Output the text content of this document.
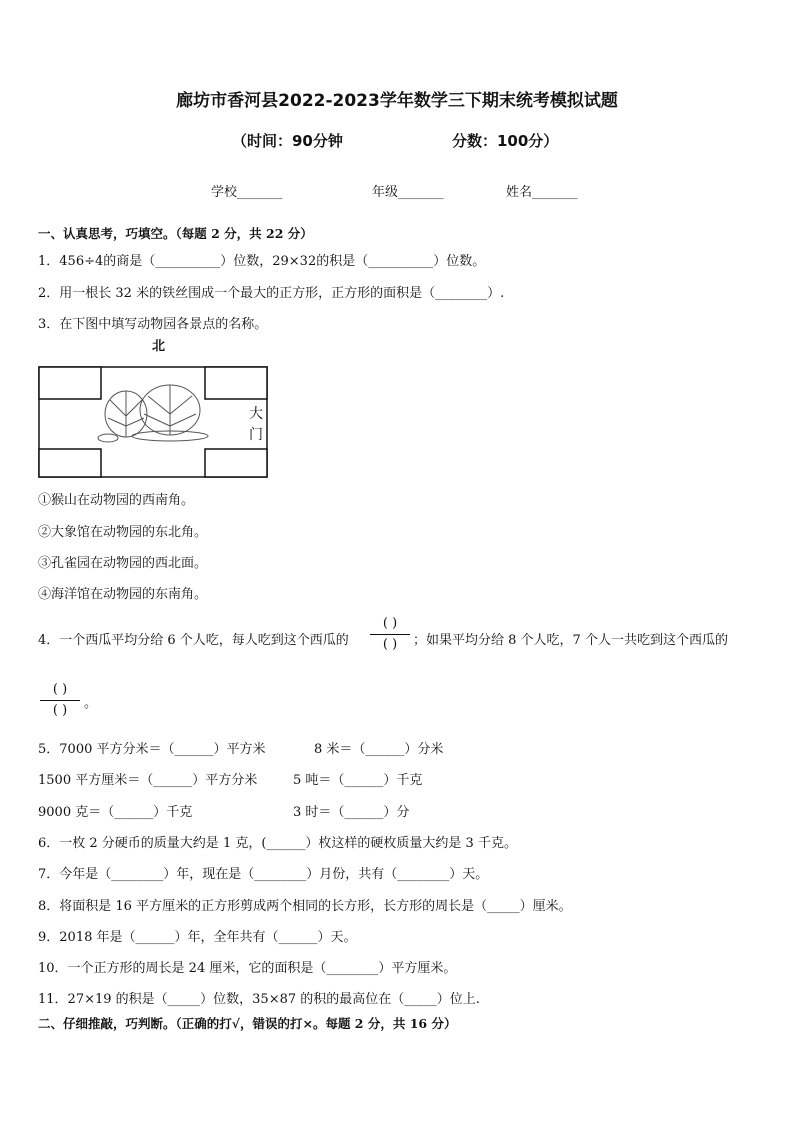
廊坊市香河县2022-2023学年数学三下期末统考模拟试题
（时间：90分钟	分数：100分）
学校_______	年级_______	姓名_______
一、认真思考，巧填空。（每题 2 分，共 22 分）
1．456÷4的商是（__________）位数，29×32的积是（__________）位数。
2．用一根长 32 米的铁丝围成一个最大的正方形，正方形的面积是（________）.
3．在下图中填写动物园各景点的名称。
北
大
门
①猴山在动物园的西南角。
②大象馆在动物园的东北角。
③孔雀园在动物园的西北面。
④海洋馆在动物园的东南角。
4．一个西瓜平均分给 6 个人吃，每人吃到这个西瓜的
( )
( )	；如果平均分给 8 个人吃，7 个人一共吃到这个西瓜的
( )
( )	。
5．7000 平方分米＝（______）平方米	8 米＝（______）分米
1500 平方厘米＝（______）平方分米	5 吨＝（______）千克
9000 克＝（______）千克	3 时＝（______）分
6．一枚 2 分硬币的质量大约是 1 克，(______）枚这样的硬枚质量大约是 3 千克。
7．今年是（________）年，现在是（________）月份，共有（________）天。
8．将面积是 16 平方厘米的正方形剪成两个相同的长方形，长方形的周长是（_____）厘米。
9．2018 年是（______）年，全年共有（______）天。
10．一个正方形的周长是 24 厘米，它的面积是（________）平方厘米。
11．27×19 的积是（_____）位数，35×87 的积的最高位在（_____）位上.
二、仔细推敲，巧判断。（正确的打√，错误的打×。每题 2 分，共 16 分）
